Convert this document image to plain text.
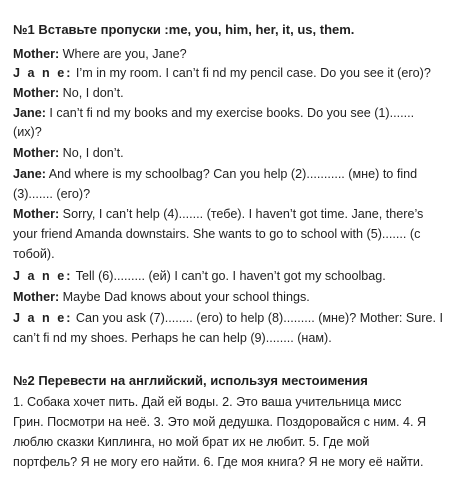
№1 Вставьте пропуски :me, you, him, her, it, us, them.
Mother: Where are you, Jane?
J a n e: I’m in my room. I can’t fi nd my pencil case. Do you see it (его)?
Mother: No, I don’t.
Jane: I can’t fi nd my books and my exercise books. Do you see (1).......
(их)?
Mother: No, I don’t.
Jane: And where is my schoolbag? Can you help (2)........... (мне) to find
(3)....... (его)?
Mother: Sorry, I can’t help (4)....... (тебе). I haven’t got time. Jane, there’s
your friend Amanda downstairs. She wants to go to school with (5)....... (с
тобой).
J a n e: Tell (6)......... (ей) I can’t go. I haven’t got my schoolbag.
Mother: Maybe Dad knows about your school things.
J a n e: Can you ask (7)........ (его) to help (8)......... (мне)? Mother: Sure. I
can’t fi nd my shoes. Perhaps he can help (9)........ (нам).
№2 Перевести на английский, используя местоимения
1. Собака хочет пить. Дай ей воды. 2. Это ваша учительница мисс
Грин. Посмотри на неё. 3. Это мой дедушка. Поздоровайся с ним. 4. Я
люблю сказки Киплинга, но мой брат их не любит. 5. Где мой
портфель? Я не могу его найти. 6. Где моя книга? Я не могу её найти.
